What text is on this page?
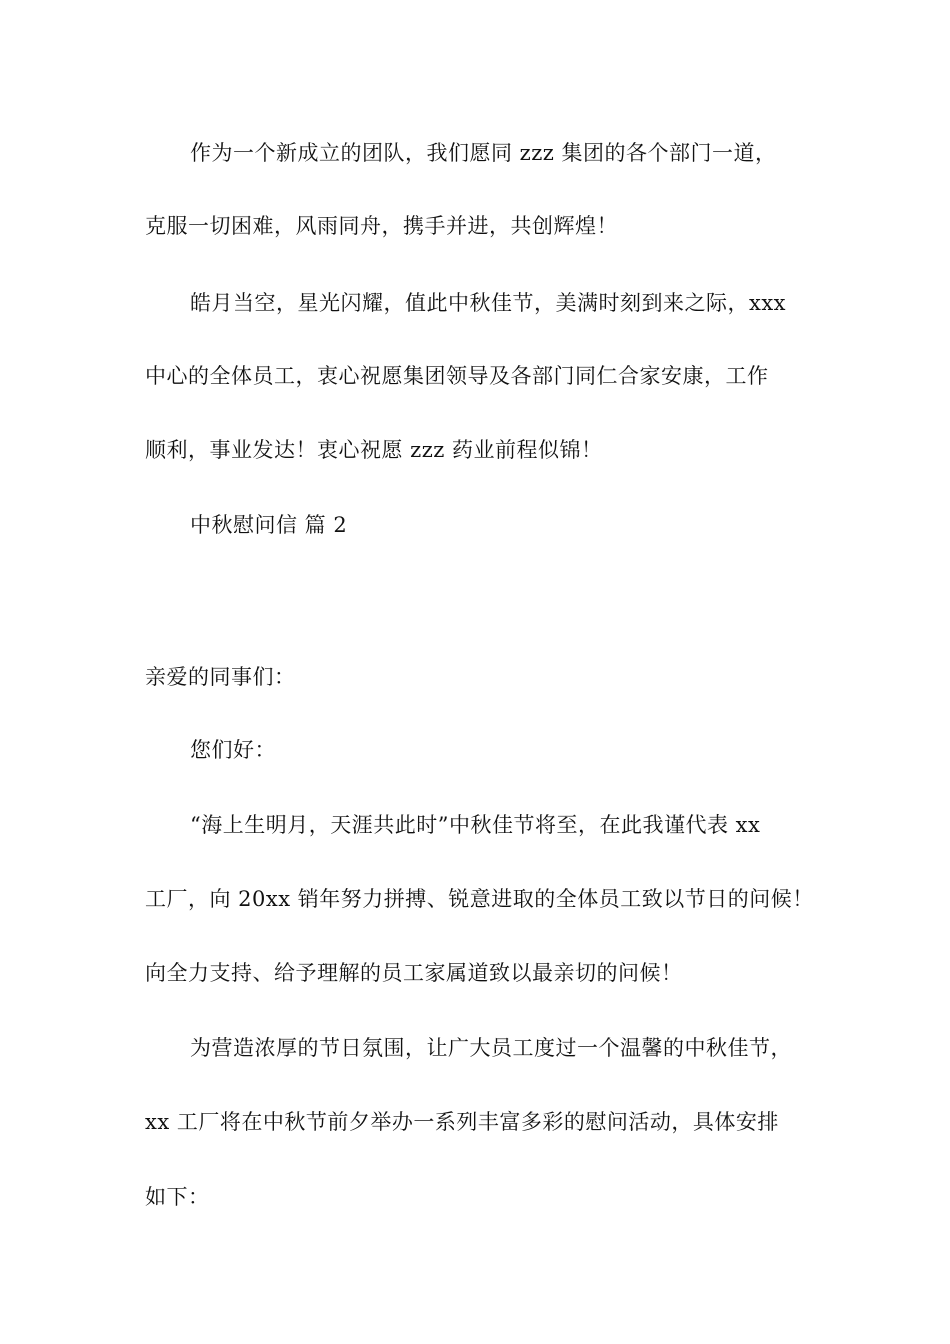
作为一个新成立的团队，我们愿同 zzz 集团的各个部门一道，
克服一切困难，风雨同舟，携手并进，共创辉煌！
皓月当空，星光闪耀，值此中秋佳节，美满时刻到来之际，xxx
中心的全体员工，衷心祝愿集团领导及各部门同仁合家安康，工作
顺利，事业发达！衷心祝愿 zzz 药业前程似锦！
中秋慰问信 篇 2
亲爱的同事们：
您们好：
“海上生明月，天涯共此时”中秋佳节将至，在此我谨代表 xx
工厂，向 20xx 销年努力拼搏、锐意进取的全体员工致以节日的问候！
向全力支持、给予理解的员工家属道致以最亲切的问候！
为营造浓厚的节日氛围，让广大员工度过一个温馨的中秋佳节，
xx 工厂将在中秋节前夕举办一系列丰富多彩的慰问活动，具体安排
如下：
